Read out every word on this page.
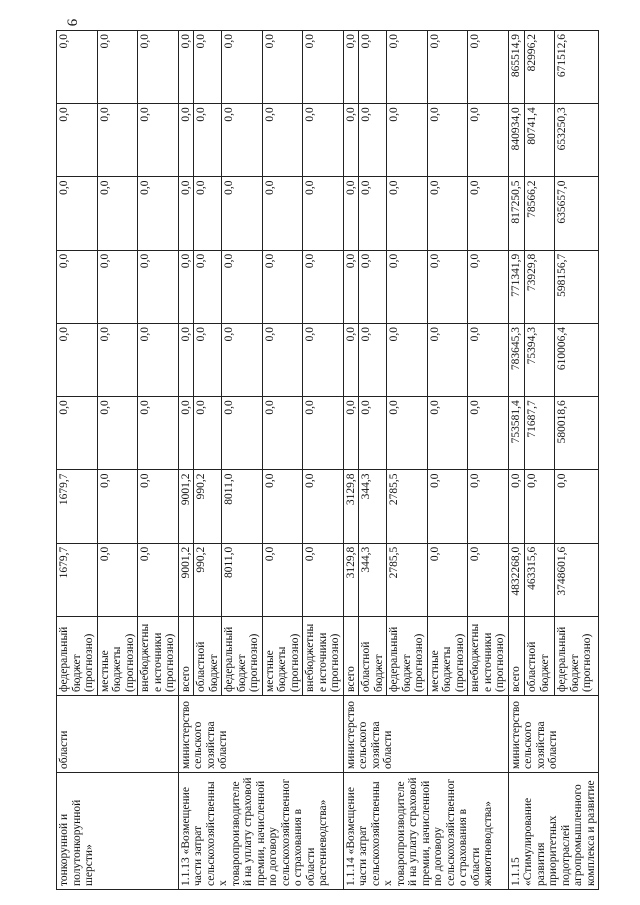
9
тонкорунной и полутонкорунной шерсти»	области	федеральный бюджет (прогнозно)	1679,7	1679,7	0,0	0,0	0,0	0,0	0,0	0,0
		местные бюджеты (прогнозно)	0,0	0,0	0,0	0,0	0,0	0,0	0,0	0,0
		внебюджетные источники (прогнозно)	0,0	0,0	0,0	0,0	0,0	0,0	0,0	0,0
1.1.13 «Возмещение части затрат сельскохозяйственных товаропроизводителей на уплату страховой премии, начисленной по договору сельскохозяйственного страхования в области растениеводства»	министерство сельского хозяйства области	всего	9001,2	9001,2	0,0	0,0	0,0	0,0	0,0	0,0
		областной бюджет	990,2	990,2	0,0	0,0	0,0	0,0	0,0	0,0
		федеральный бюджет (прогнозно)	8011,0	8011,0	0,0	0,0	0,0	0,0	0,0	0,0
		местные бюджеты (прогнозно)	0,0	0,0	0,0	0,0	0,0	0,0	0,0	0,0
		внебюджетные источники (прогнозно)	0,0	0,0	0,0	0,0	0,0	0,0	0,0	0,0
1.1.14 «Возмещение части затрат сельскохозяйственных товаропроизводителей на уплату страховой премии, начисленной по договору сельскохозяйственного страхования в области животноводства»	министерство сельского хозяйства области	всего	3129,8	3129,8	0,0	0,0	0,0	0,0	0,0	0,0
		областной бюджет	344,3	344,3	0,0	0,0	0,0	0,0	0,0	0,0
		федеральный бюджет (прогнозно)	2785,5	2785,5	0,0	0,0	0,0	0,0	0,0	0,0
		местные бюджеты (прогнозно)	0,0	0,0	0,0	0,0	0,0	0,0	0,0	0,0
		внебюджетные источники (прогнозно)	0,0	0,0	0,0	0,0	0,0	0,0	0,0	0,0
1.1.15 «Стимулирование развития приоритетных подотраслей агропромышленного комплекса и развитие	министерство сельского хозяйства области	всего	4832268,0	0,0	753581,4	783645,3	771341,9	817250,5	840934,0	865514,9
		областной бюджет	463315,6	0,0	71687,7	75394,3	73929,8	78566,2	80741,4	82996,2
		федеральный бюджет (прогнозно)	3748601,6	0,0	580018,6	610006,4	598156,7	635657,0	653250,3	671512,6
